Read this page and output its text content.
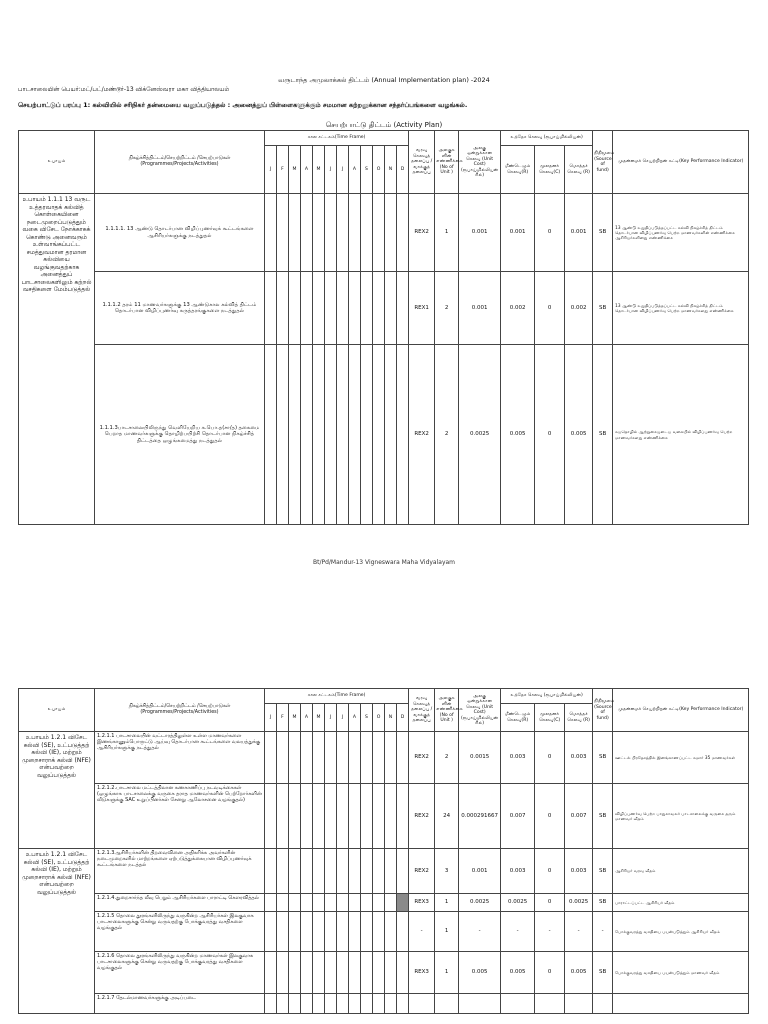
வருடாந்த அமுலாக்கல் திட்டம் (Annual Implementation plan) -2024
பாடசாலையின் பெயர்:மட்/பட்/மண்டூர்-13 விக்னேஸ்வரா மகா வித்தியாலயம்
செயற்பாட்டுப் பரப்பு 1: கல்வியில் சரிநிகர் தன்மையை வலுப்படுத்தல் : அனைத்துப் பிள்ளைகளுக்கும் சமமான கற்றலுக்கான சந்தர்ப்பங்களை வழங்கல்.
செயற்பாட்டு திட்டம் (Activity Plan)
உபாயம்	நிகழ்ச்சித்திட்டம்/செயற்றிட்டம் /செயற்பாடுகள் (Programmes/Projects/Activities)	கால சட்டகம்(Time Frame)												வரவு செலவுத் தலைப்பு /வாக்குத் தலைப்பு	அலகுக ளின் எண்ணிக்கை (No of Unit )	அலகு ஒன்றுக்கான செலவு (Unit Cost) (ரூபாய்மில்லியன் ரில்)	உத்தேச செலவு (ரூபாய்மில்லியன்)			நிதிமூலம் (Source of fund)	முதன்மைச் செயற்றிறன் சுட்டி(Key Performance Indicator)
		J	F	M	A	M	J	J	A	S	O	N	D				மீண்டெழும் செலவு(R)	மூலதனச் செலவு(C)	மொத்தச் செலவு (R)		

உபாயம் 1.1.1 13 வருட உத்தரவாதக் கல்வித் கொள்கையினை நடைமுறைப்படுத்தும் வகை விசேட நோக்காகக் கொண்டு அனைவரும் உள்வாங்கப்பட்ட சமத்துவமான தரமான கல்வியை வழங்குவதற்காக அனைத்துப் பாடசாலைகளிலும் கற்றல் வசதிகளை மேம்படுத்தல்	1.1.1.1. 13 ஆண்டு தொடர்பான விழிப்புணர்வுக் கூட்டங்களை ஆசிரியர்களுக்கு நடத்துதல்													REX2	1	0.001	0.001	0	0.001	SB	13 ஆண்டு உறுதிப்படுத்தப்பட்ட கல்வி நிகழ்ச்சித் திட்டம் தொடர்பான விழிப்புணர்வு பெற்ற மாணவர்களின் எண்ணிக்கை ஆசிரியர்களினது எண்ணிக்கை
	1.1.1.2 தரம் 11 மாணவர்களுக்கு 13 ஆண்டுகால கல்வித் திட்டம் தொடர்பான விழிப்புணர்வு கருத்தரங்குகளை நடத்துதல்													REX1	2	0.001	0.002	0	0.002	SB	13 ஆண்டு உறுதிப்படுத்தப்பட்ட கல்வி நிகழ்ச்சித் திட்டம் தொடர்பான விழிப்புணர்வு பெற்ற மாணவர்களது எண்ணிக்கை
	1.1.1.3பாடசாலையிலிருந்து வெளியேறிய க.பொ.த(சா/த) தகைமை பெறாத மாணவர்களுக்கு தொழிற்பயிற்சி தொடர்பான நிகழ்ச்சித் திட்டத்தை ஒழுங்கமைத்து நடத்துதல்													REX2	2	0.0025	0.005	0	0.005	SB	சுயதொழில் ஆற்றுகையுடைய வகையில் விழிப்புணர்வு பெற்ற மாணவர்களது எண்ணிக்கை
Bt/Pd/Mandur-13 Vigneswara Maha Vidyalayam
உபாயம்	நிகழ்ச்சித்திட்டம்/செயற்றிட்டம் /செயற்பாடுகள் (Programmes/Projects/Activities)	கால சட்டகம்(Time Frame)												வரவு செலவுத் தலைப்பு /வாக்குத் தலைப்பு	அலகுக ளின் எண்ணிக்கை (No of Unit )	அலகு ஒன்றுக்கான செலவு (Unit Cost) (ரூபாய்மில்லியன் ரில்)	உத்தேச செலவு (ரூபாய்மில்லியன்)			நிதிமூலம் (Source of fund)	முதன்மைச் செயற்றிறன் சுட்டி(Key Performance Indicator)
		J	F	M	A	M	J	J	A	S	O	N	D				மீண்டெழும் செலவு(R)	மூலதனச் செலவு(C)	மொத்தச் செலவு (R)		

உபாயம் 1.2.1 விசேட கல்வி (SE), உட்படுத்தற் கல்வி (IE), மற்றும் முறைசாராக் கல்வி (NFE) என்பவற்றை வலுப்படுத்தல்	1.2.1.1 பாடசாலையின் வட்டாரத்திலுள்ள உள்ள மாணவர்களை இணங்காணும்பொருட்டு ஆய்வு தொடர்பான கூட்டங்களை வலயத்துக்கு ஆசிரியர்களுக்கு நடத்துதல்													REX2	2	0.0015	0.003	0	0.003	SB	ஊட்டல் பிரதேசத்தில் இனங்காணப்பட்ட சுமார் 35 மாணவர்கள்
	1.2.1.2.பாடசாலை மட்டத்திலான கணகாணிப்பு நடவடிக்கைகள் (ஒழுங்காக பாடசாலைக்கு வருகை தராத மாணவர்களின் பெற்றோர்களின் வீடுகளுக்கு SAC உறுப்பினர்கள் சேனறு ஆலோசனை வழங்குதல்)													REX2	24	0.000291667	0.007	0	0.007	SB	விழிப்புணர்வு பெற்ற பாதுகாவலர் பாடசாலைக்கு வருகை தரும் மாணவர் வீதம்
உபாயம் 1.2.1 விசேட கல்வி (SE), உட்படுத்தற் கல்வி (IE), மற்றும் முறைசாராக் கல்வி (NFE) என்பவற்றை வலுப்படுத்தல்	1.2.1.3ஆசிரியர்களின் திறவைவினை அதிகரிக்க அவர்களின் நடைமுறைகளில் மாற்றங்களை ஏற்படுத்துக்கையான விழிப்புணர்வுக் கூட்டங்களை நடத்தல்													REX2	3	0.001	0.003	0	0.003	SB	ஆசிரியர் வரவு வீதம்
	1.2.1.4.துறைசார்ந்த லீவு பெறும் ஆசிரியர்களை பாராட்டி கௌரவித்தல்													REX3	1	0.0025	0.0025	0	0.0025	SB	பாராட்டப்பட்ட ஆசிரியர் வீதம்
	1.2.1.5 தொலை தூரங்களிலிருந்து வருகின்ற ஆசிரியர்கள் இலகுவாக பாடசாலைகளுக்கு சென்று வருவதற்கு போக்குவரத்து வசதிகளை வழங்குதல்													-	1	-	-	-	-	-	போக்குவரத்து வசதியை பயன்படுத்தும் ஆசிரியர் வீதம்
	1.2.1.6 தொலை தூரங்களிலிருந்து வருகின்ற மாணவர்கள் இலகுவாக பாடசாலைகளுக்கு சென்று வருவதற்கு போக்குவரத்து வசதிகளை வழங்குதல்													REX3	1	0.005	0.005	0	0.005	SB	போக்குவரத்து வசதியை பயன்படுத்தும் மாணவர் வீதம்
	1.2.1.7 தேடல்மாணவர்களுக்கு அடிப்படை																				
